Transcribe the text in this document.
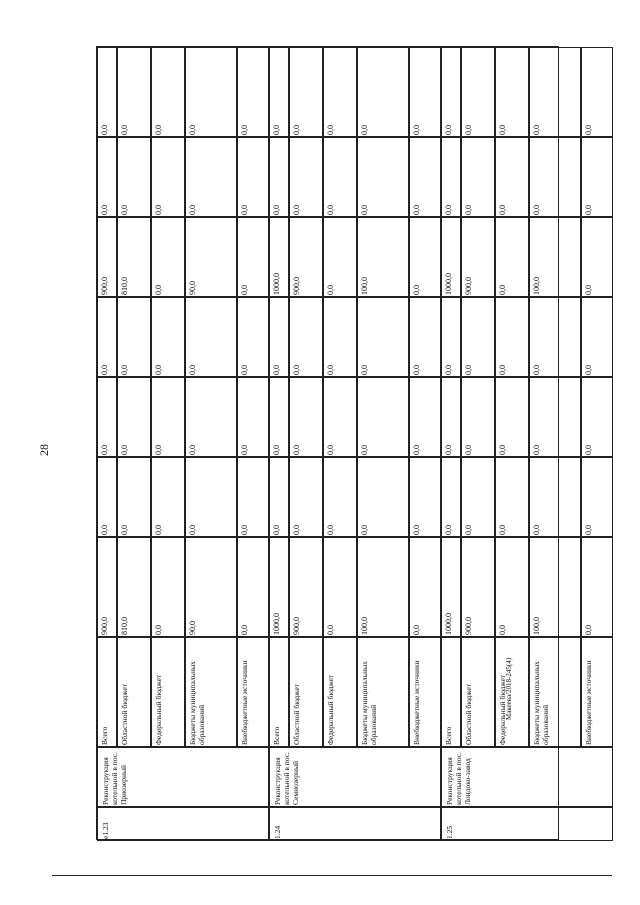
28
Макеева/2018-245(4)
e1.23
Реконструкция котельной в пос. Приозерный
Всего
900,0
0,0
0,0
0,0
900,0
0,0
0,0
Областной бюджет
810,0
0,0
0,0
0,0
810,0
0,0
0,0
Федеральный бюджет
0,0
0,0
0,0
0,0
0,0
0,0
0,0
Бюджеты муниципальных образований
90,0
0,0
0,0
0,0
90,0
0,0
0,0
Внебюджетные источники
0,0
0,0
0,0
0,0
0,0
0,0
0,0
1.24
Реконструкция котельной в пос. Семиозерный
Всего
1000,0
0,0
0,0
0,0
1000,0
0,0
0,0
Областной бюджет
900,0
0,0
0,0
0,0
900,0
0,0
0,0
Федеральный бюджет
0,0
0,0
0,0
0,0
0,0
0,0
0,0
Бюджеты муниципальных образований
100,0
0,0
0,0
0,0
100,0
0,0
0,0
Внебюджетные источники
0,0
0,0
0,0
0,0
0,0
0,0
0,0
1.25
Реконструкция котельной в пос. Лондоко-завод
Всего
1000,0
0,0
0,0
0,0
1000,0
0,0
0,0
Областной бюджет
900,0
0,0
0,0
0,0
900,0
0,0
0,0
Федеральный бюджет
0,0
0,0
0,0
0,0
0,0
0,0
0,0
Бюджеты муниципальных образований
100,0
0,0
0,0
0,0
100,0
0,0
0,0
Внебюджетные источники
0,0
0,0
0,0
0,0
0,0
0,0
0,0
